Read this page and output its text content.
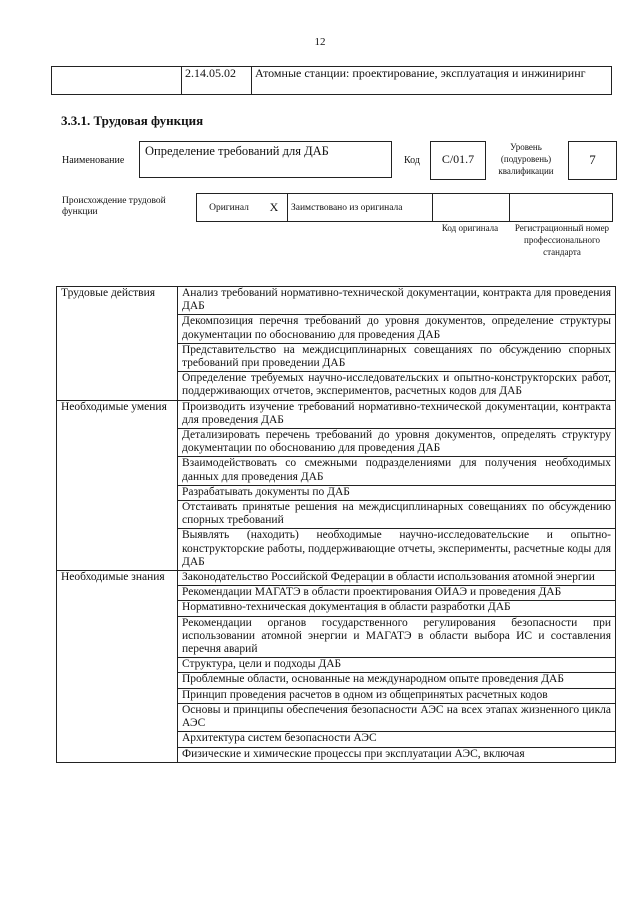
12
	2.14.05.02	Атомные станции: проектирование, эксплуатация и инжиниринг
3.3.1. Трудовая функция
Наименование
Определение требований для ДАБ
Код	C/01.7
Уровень (подуровень) квалификации
7
Происхождение трудовой функции	Оригинал	X	Заимствовано из оригинала		
Код оригинала	Регистрационный номер профессионального стандарта
Трудовые действия	Анализ требований нормативно-технической документации, контракта для проведения ДАБ
	Декомпозиция перечня требований до уровня документов, определение структуры документации по обоснованию для проведения ДАБ
	Представительство на междисциплинарных совещаниях по обсуждению спорных требований при проведении ДАБ
	Определение требуемых научно-исследовательских и опытно-конструкторских работ, поддерживающих отчетов, экспериментов, расчетных кодов для ДАБ
Необходимые умения	Производить изучение требований нормативно-технической документации, контракта для проведения ДАБ
	Детализировать перечень требований до уровня документов, определять структуру документации по обоснованию для проведения ДАБ
	Взаимодействовать со смежными подразделениями для получения необходимых данных для проведения ДАБ
	Разрабатывать документы по ДАБ
	Отстаивать принятые решения на междисциплинарных совещаниях по обсуждению спорных требований
	Выявлять (находить) необходимые научно-исследовательские и опытно-конструкторские работы, поддерживающие отчеты, эксперименты, расчетные коды для ДАБ
Необходимые знания	Законодательство Российской Федерации в области использования атомной энергии
	Рекомендации МАГАТЭ в области проектирования ОИАЭ и проведения ДАБ
	Нормативно-техническая документация в области разработки ДАБ
	Рекомендации органов государственного регулирования безопасности при использовании атомной энергии и МАГАТЭ в области выбора ИС и составления перечня аварий
	Структура, цели и подходы ДАБ
	Проблемные области, основанные на международном опыте проведения ДАБ
	Принцип проведения расчетов в одном из общепринятых расчетных кодов
	Основы и принципы обеспечения безопасности АЭС на всех этапах жизненного цикла АЭС
	Архитектура систем безопасности АЭС
	Физические и химические процессы при эксплуатации АЭС, включая
